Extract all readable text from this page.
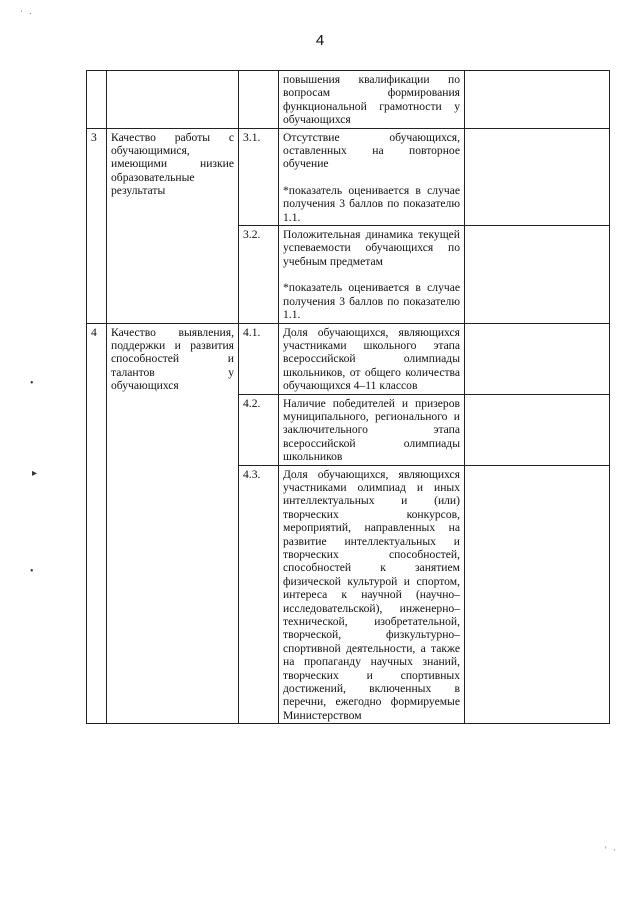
4
			повышения квалификации по вопросам формирования функциональной грамотности у обучающихся	
3	Качество работы с обучающимися, имеющими низкие образовательные результаты	3.1.	Отсутствие обучающихся, оставленных на повторное обучение
*показатель оценивается в случае получения 3 баллов по показателю 1.1.	

		3.2.	Положительная динамика текущей успеваемости обучающихся по учебным предметам
*показатель оценивается в случае получения 3 баллов по показателю 1.1.	

4	Качество выявления, поддержки и развития способностей и талантов у обучающихся	4.1.	Доля обучающихся, являющихся участниками школьного этапа всероссийской олимпиады школьников, от общего количества обучающихся 4–11 классов	
		4.2.	Наличие победителей и призеров муниципального, регионального и заключительного этапа всероссийской олимпиады школьников	
		4.3.	Доля обучающихся, являющихся участниками олимпиад и иных интеллектуальных и (или) творческих конкурсов, мероприятий, направленных на развитие интеллектуальных и творческих способностей, способностей к занятием физической культурой и спортом, интереса к научной (научно–исследовательской), инженерно–технической, изобретательной, творческой, физкультурно–спортивной деятельности, а также на пропаганду научных знаний, творческих и спортивных достижений, включенных в перечни, ежегодно формируемые Министерством	
•
▸
•
· .
' ·
